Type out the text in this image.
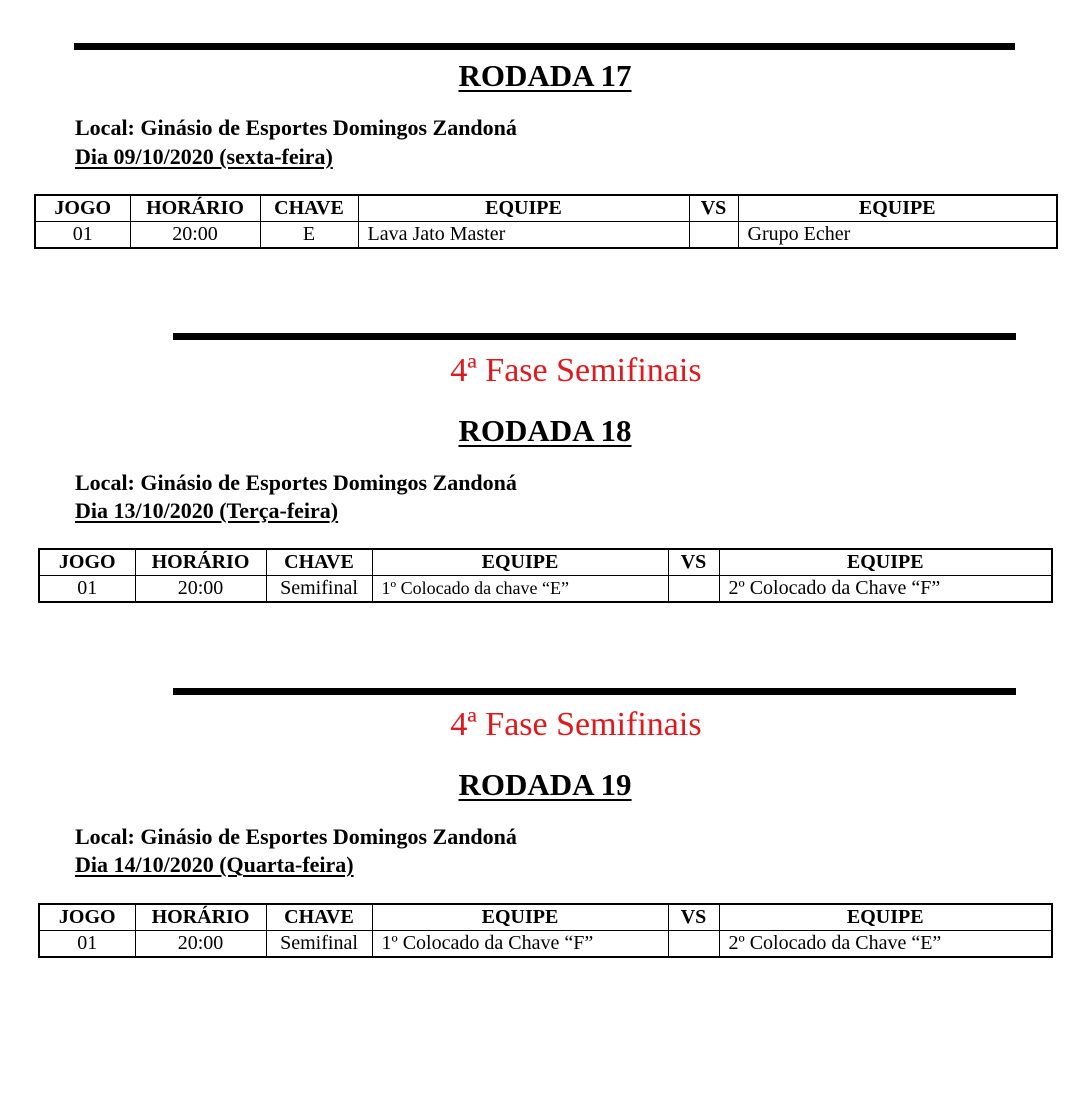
RODADA 17
Local: Ginásio de Esportes Domingos Zandoná
Dia 09/10/2020 (sexta-feira)
JOGO	HORÁRIO	CHAVE	EQUIPE	VS	EQUIPE
01	20:00	E	Lava Jato Master		Grupo Echer
4ª Fase Semifinais
RODADA 18
Local: Ginásio de Esportes Domingos Zandoná
Dia 13/10/2020 (Terça-feira)
JOGO	HORÁRIO	CHAVE	EQUIPE	VS	EQUIPE
01	20:00	Semifinal	1º Colocado da chave “E”		2º Colocado da Chave “F”
4ª Fase Semifinais
RODADA 19
Local: Ginásio de Esportes Domingos Zandoná
Dia 14/10/2020 (Quarta-feira)
JOGO	HORÁRIO	CHAVE	EQUIPE	VS	EQUIPE
01	20:00	Semifinal	1º Colocado da Chave “F”		2º Colocado da Chave “E”
